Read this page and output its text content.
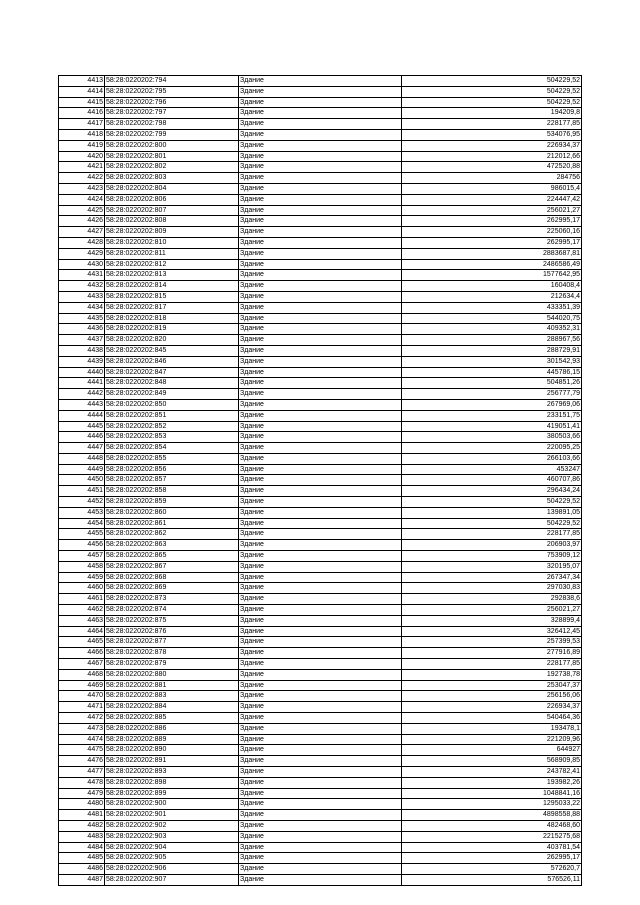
4413	58:28:0220202:794	Здание	504229,52
4414	58:28:0220202:795	Здание	504229,52
4415	58:28:0220202:796	Здание	504229,52
4416	58:28:0220202:797	Здание	194209,8
4417	58:28:0220202:798	Здание	228177,85
4418	58:28:0220202:799	Здание	534076,95
4419	58:28:0220202:800	Здание	226934,37
4420	58:28:0220202:801	Здание	212012,66
4421	58:28:0220202:802	Здание	472520,88
4422	58:28:0220202:803	Здание	284756
4423	58:28:0220202:804	Здание	986015,4
4424	58:28:0220202:806	Здание	224447,42
4425	58:28:0220202:807	Здание	256021,27
4426	58:28:0220202:808	Здание	262995,17
4427	58:28:0220202:809	Здание	225060,16
4428	58:28:0220202:810	Здание	262995,17
4429	58:28:0220202:811	Здание	2883687,81
4430	58:28:0220202:812	Здание	2486586,49
4431	58:28:0220202:813	Здание	1577642,95
4432	58:28:0220202:814	Здание	160408,4
4433	58:28:0220202:815	Здание	212634,4
4434	58:28:0220202:817	Здание	433351,39
4435	58:28:0220202:818	Здание	544020,75
4436	58:28:0220202:819	Здание	409352,31
4437	58:28:0220202:820	Здание	288967,56
4438	58:28:0220202:845	Здание	288729,91
4439	58:28:0220202:846	Здание	301542,93
4440	58:28:0220202:847	Здание	445786,15
4441	58:28:0220202:848	Здание	504851,26
4442	58:28:0220202:849	Здание	256777,79
4443	58:28:0220202:850	Здание	267969,06
4444	58:28:0220202:851	Здание	233151,75
4445	58:28:0220202:852	Здание	419051,41
4446	58:28:0220202:853	Здание	380503,66
4447	58:28:0220202:854	Здание	220095,25
4448	58:28:0220202:855	Здание	266103,66
4449	58:28:0220202:856	Здание	453247
4450	58:28:0220202:857	Здание	460707,86
4451	58:28:0220202:858	Здание	296434,24
4452	58:28:0220202:859	Здание	504229,52
4453	58:28:0220202:860	Здание	139891,05
4454	58:28:0220202:861	Здание	504229,52
4455	58:28:0220202:862	Здание	228177,85
4456	58:28:0220202:863	Здание	206903,97
4457	58:28:0220202:865	Здание	753909,12
4458	58:28:0220202:867	Здание	320195,07
4459	58:28:0220202:868	Здание	267347,34
4460	58:28:0220202:869	Здание	297030,83
4461	58:28:0220202:873	Здание	292838,6
4462	58:28:0220202:874	Здание	256021,27
4463	58:28:0220202:875	Здание	328899,4
4464	58:28:0220202:876	Здание	326412,45
4465	58:28:0220202:877	Здание	257399,53
4466	58:28:0220202:878	Здание	277916,89
4467	58:28:0220202:879	Здание	228177,85
4468	58:28:0220202:880	Здание	192738,78
4469	58:28:0220202:881	Здание	253047,37
4470	58:28:0220202:883	Здание	256156,06
4471	58:28:0220202:884	Здание	226934,37
4472	58:28:0220202:885	Здание	540464,36
4473	58:28:0220202:886	Здание	193478,1
4474	58:28:0220202:889	Здание	221209,96
4475	58:28:0220202:890	Здание	644927
4476	58:28:0220202:891	Здание	568909,85
4477	58:28:0220202:893	Здание	243782,41
4478	58:28:0220202:898	Здание	193982,26
4479	58:28:0220202:899	Здание	1048841,16
4480	58:28:0220202:900	Здание	1295033,22
4481	58:28:0220202:901	Здание	4898558,88
4482	58:28:0220202:902	Здание	482468,60
4483	58:28:0220202:903	Здание	2215275,68
4484	58:28:0220202:904	Здание	403781,54
4485	58:28:0220202:905	Здание	262995,17
4486	58:28:0220202:906	Здание	572620,7
4487	58:28:0220202:907	Здание	576526,11
